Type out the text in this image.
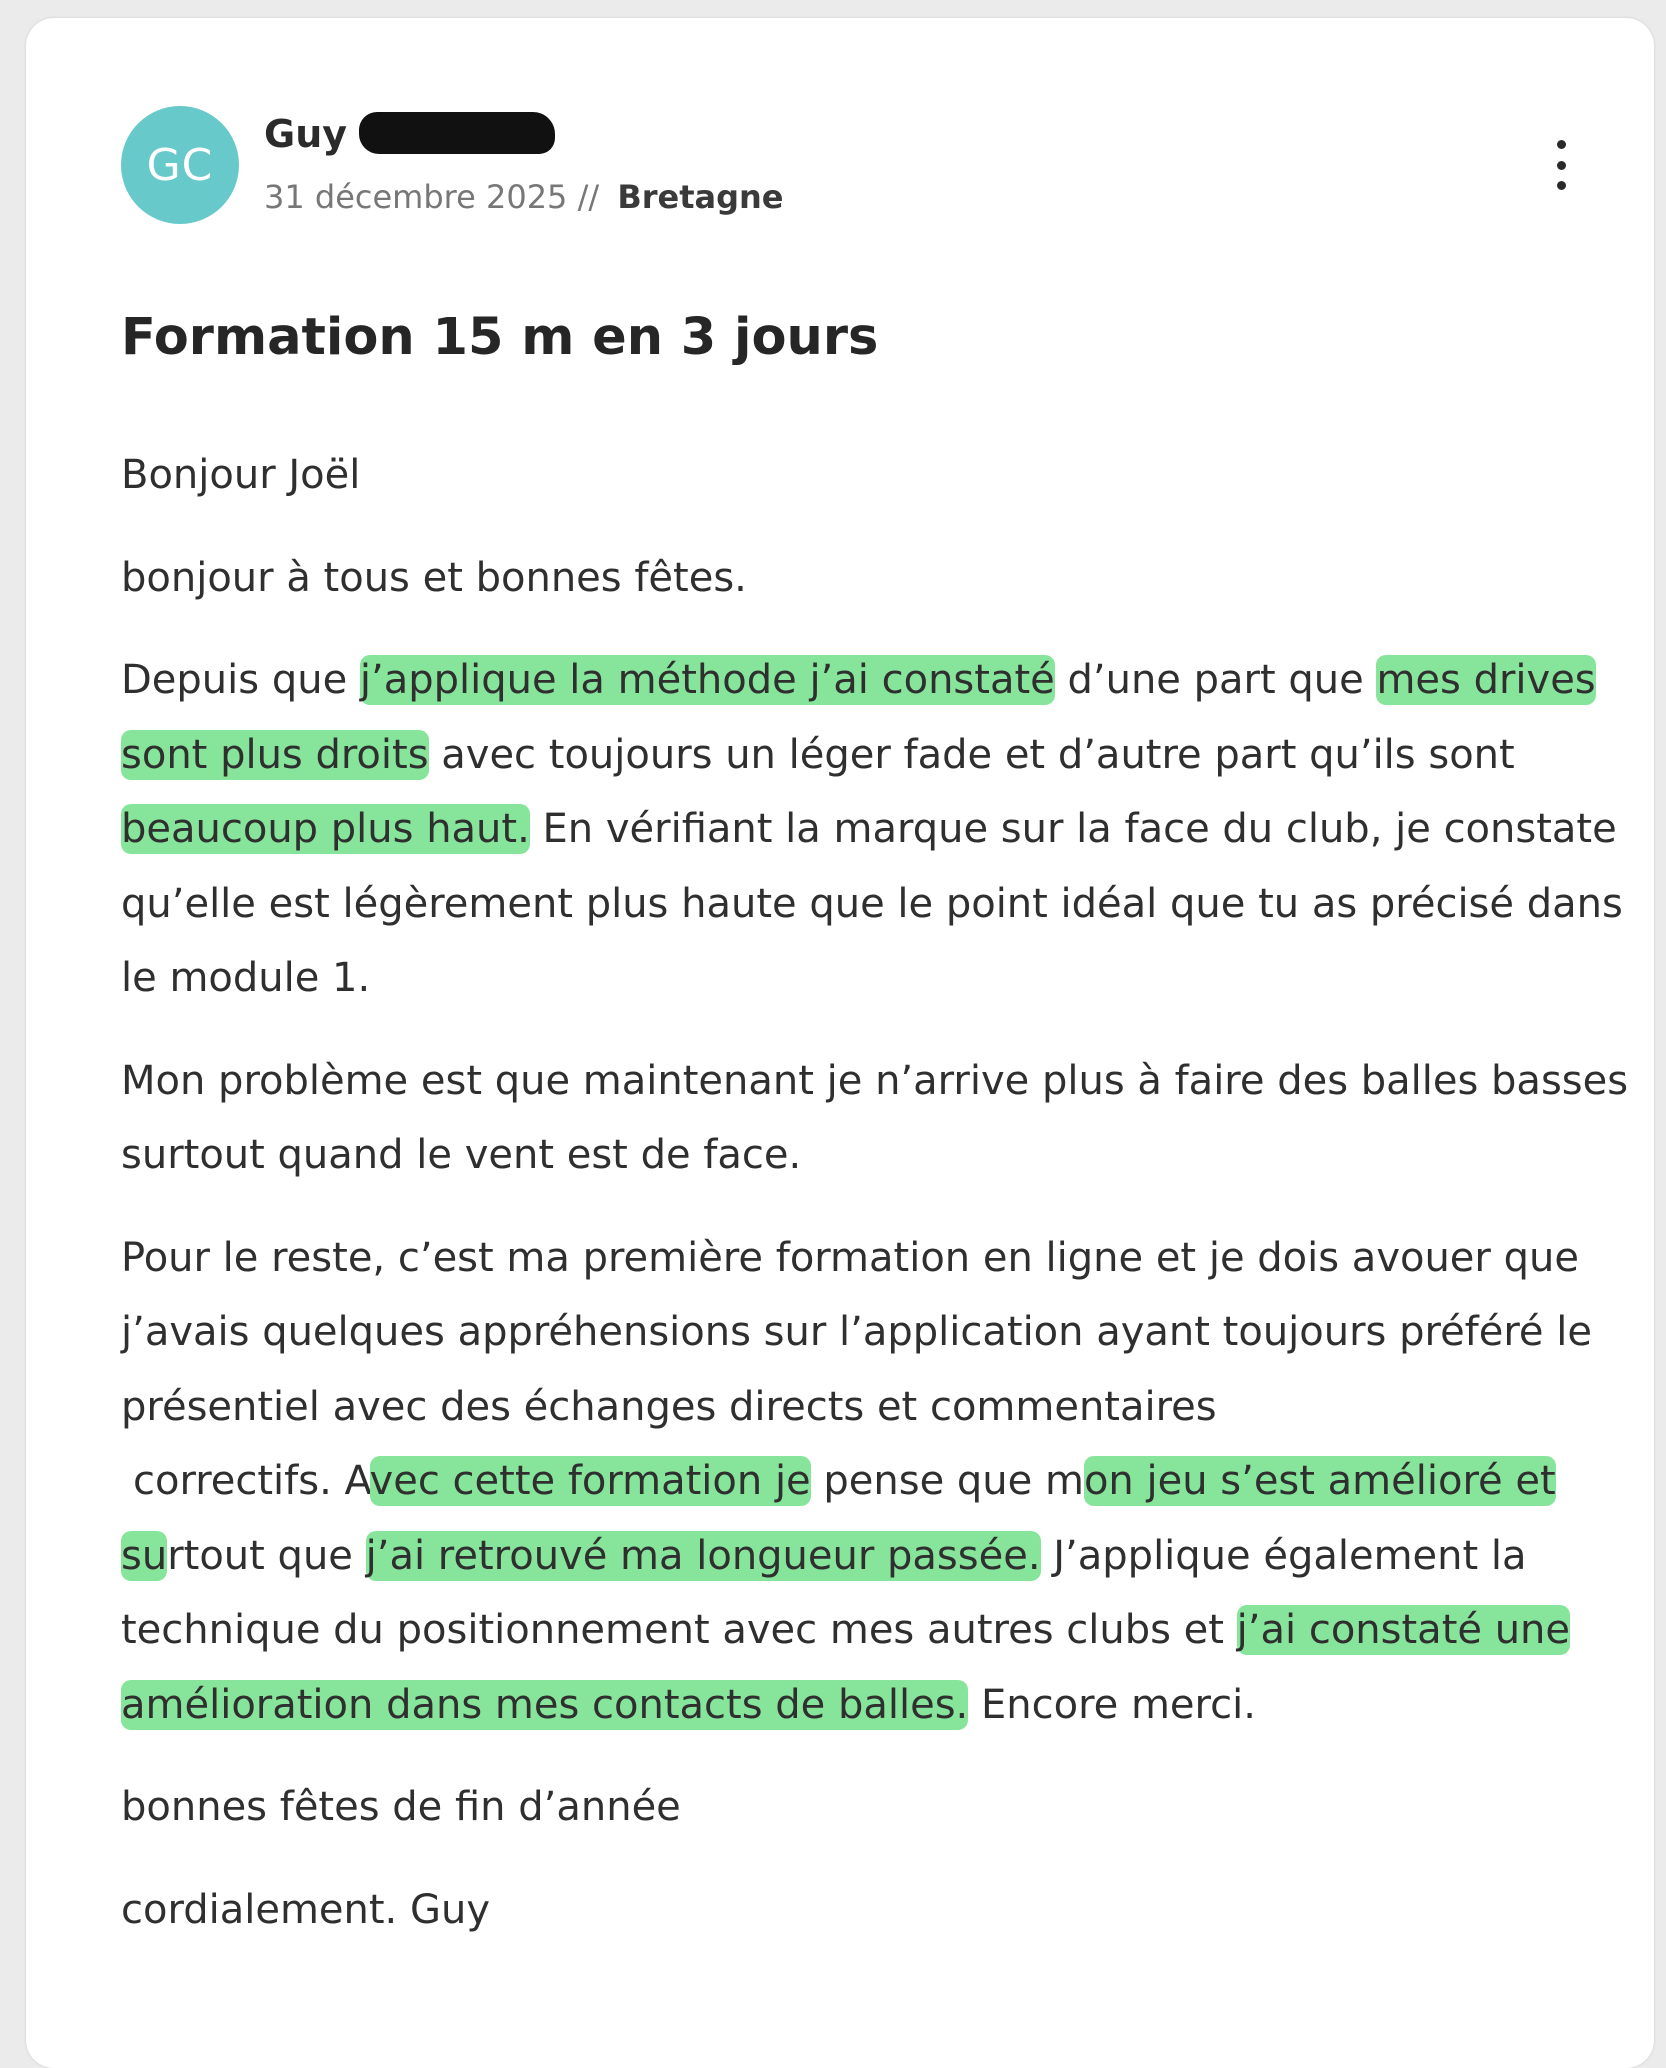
GC
Guy
31 décembre 2025 // Bretagne
Formation 15 m en 3 jours

Bonjour Joël

bonjour à tous et bonnes fêtes.

Depuis que j’applique la méthode j’ai constaté d’une part que mes drives sont plus droits avec toujours un léger fade et d’autre part qu’ils sont beaucoup plus haut. En vérifiant la marque sur la face du club, je constate qu’elle est légèrement plus haute que le point idéal que tu as précisé dans le module 1.

Mon problème est que maintenant je n’arrive plus à faire des balles basses surtout quand le vent est de face.

Pour le reste, c’est ma première formation en ligne et je dois avouer que j’avais quelques appréhensions sur l’application ayant toujours préféré le présentiel avec des échanges directs et commentaires
correctifs. Avec cette formation je pense que mon jeu s’est amélioré et surtout que j’ai retrouvé ma longueur passée. J’applique également la technique du positionnement avec mes autres clubs et j’ai constaté une amélioration dans mes contacts de balles. Encore merci.

bonnes fêtes de fin d’année

cordialement. Guy
